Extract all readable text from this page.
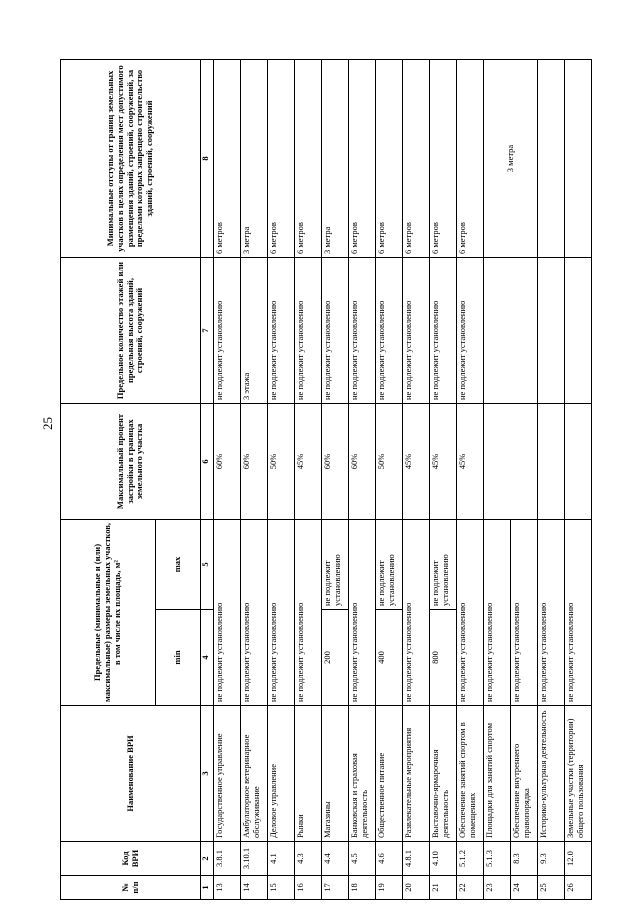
25
№ п/п	Код ВРИ	Наименование ВРИ	Предельные (минимальные и (или) максимальные) размеры земельных участков, в том числе их площадь, м²		Максимальный процент застройки в границах земельного участка	Предельное количество этажей или предельная высота зданий, строений, сооружений	Минимальные отступы от границ земельных участков в целях определения мест допустимого размещения зданий, строений, сооружений, за пределами которых запрещено строительство зданий, строений, сооружений
			min	max			
1	2	3	4	5	6	7	8
13	3.8.1	Государственное управление	не подлежит установлению		60%	не подлежит установлению	6 метров
14	3.10.1	Амбулаторное ветеринарное обслуживание	не подлежит установлению		60%	3 этажа	3 метра
15	4.1	Деловое управление	не подлежит установлению		50%	не подлежит установлению	6 метров
16	4.3	Рынки	не подлежит установлению		45%	не подлежит установлению	6 метров
17	4.4	Магазины	200	не подлежит установлению	60%	не подлежит установлению	3 метра
18	4.5	Банковская и страховая деятельность	не подлежит установлению		60%	не подлежит установлению	6 метров
19	4.6	Общественное питание	400	не подлежит установлению	50%	не подлежит установлению	6 метров
20	4.8.1	Развлекательные мероприятия	не подлежит установлению		45%	не подлежит установлению	6 метров
21	4.10	Выставочно-ярмарочная деятельность	800	не подлежит установлению	45%	не подлежит установлению	6 метров
22	5.1.2	Обеспечение занятий спортом в помещениях	не подлежит установлению		45%	не подлежит установлению	6 метров
23	5.1.3	Площадки для занятий спортом	не подлежит установлению				3 метра
24	8.3	Обеспечение внутреннего правопорядка	не подлежит установлению				
25	9.3	Историко-культурная деятельность	не подлежит установлению				
26	12.0	Земельные участки (территории) общего пользования	не подлежит установлению				
